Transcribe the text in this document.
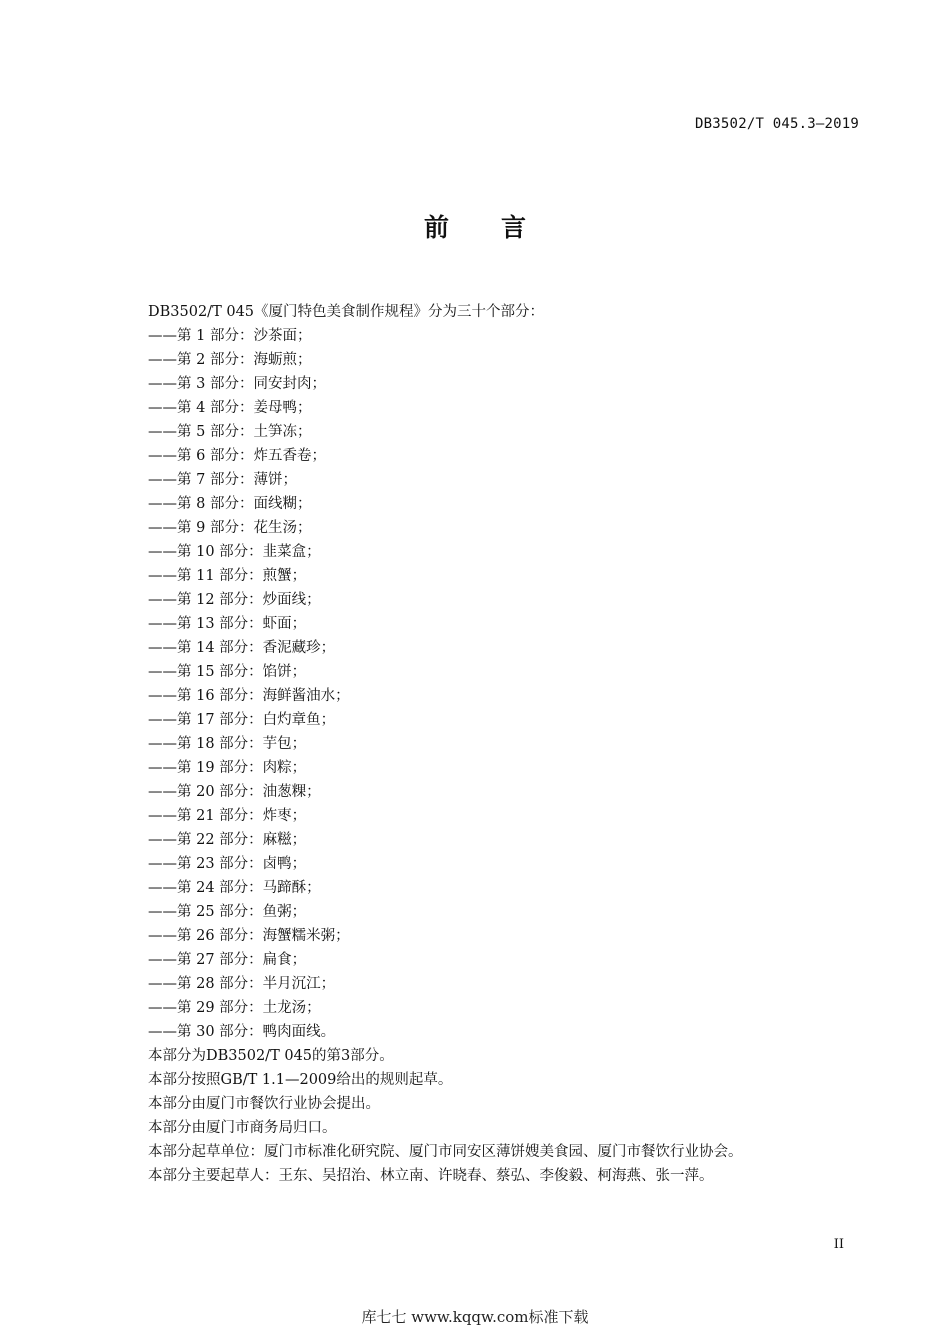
DB3502/T 045.3—2019
前 言
DB3502/T 045《厦门特色美食制作规程》分为三十个部分：
——第 1 部分：沙茶面；
——第 2 部分：海蛎煎；
——第 3 部分：同安封肉；
——第 4 部分：姜母鸭；
——第 5 部分：土笋冻；
——第 6 部分：炸五香卷；
——第 7 部分：薄饼；
——第 8 部分：面线糊；
——第 9 部分：花生汤；
——第 10 部分：韭菜盒；
——第 11 部分：煎蟹；
——第 12 部分：炒面线；
——第 13 部分：虾面；
——第 14 部分：香泥藏珍；
——第 15 部分：馅饼；
——第 16 部分：海鲜酱油水；
——第 17 部分：白灼章鱼；
——第 18 部分：芋包；
——第 19 部分：肉粽；
——第 20 部分：油葱粿；
——第 21 部分：炸枣；
——第 22 部分：麻糍；
——第 23 部分：卤鸭；
——第 24 部分：马蹄酥；
——第 25 部分：鱼粥；
——第 26 部分：海蟹糯米粥；
——第 27 部分：扁食；
——第 28 部分：半月沉江；
——第 29 部分：土龙汤；
——第 30 部分：鸭肉面线。
本部分为DB3502/T 045的第3部分。
本部分按照GB/T 1.1—2009给出的规则起草。
本部分由厦门市餐饮行业协会提出。
本部分由厦门市商务局归口。
本部分起草单位：厦门市标准化研究院、厦门市同安区薄饼嫂美食园、厦门市餐饮行业协会。
本部分主要起草人：王东、吴招治、林立南、许晓春、蔡弘、李俊毅、柯海燕、张一萍。
II
库七七 www.kqqw.com标准下载
